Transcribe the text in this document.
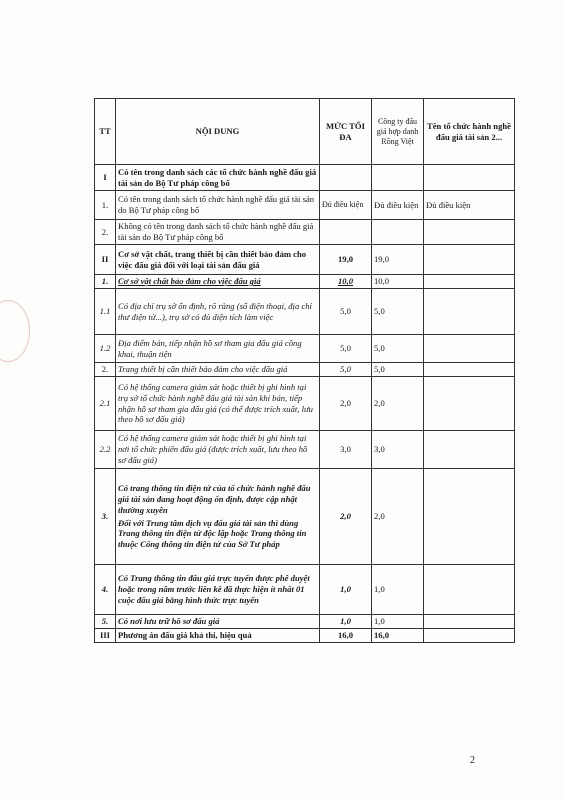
TT	NỘI DUNG	MỨC TỐI ĐA	Công ty đấu giá hợp danh Rồng Việt	Tên tổ chức hành nghề đấu giá tài sản 2...
I	Có tên trong danh sách các tổ chức hành nghề đấu giá tài sản do Bộ Tư pháp công bố			
1.	Có tên trong danh sách tổ chức hành nghề đấu giá tài sản do Bộ Tư pháp công bố	Đủ điều kiện	Đủ điều kiện	Đủ điều kiện
2.	Không có tên trong danh sách tổ chức hành nghề đấu giá tài sản do Bộ Tư pháp công bố			
II	Cơ sở vật chất, trang thiết bị cần thiết bảo đảm cho việc đấu giá đối với loại tài sản đấu giá	19,0	19,0	
1.	Cơ sở vật chất bảo đảm cho việc đấu giá	10,0	10,0	
1.1	Có địa chỉ trụ sở ổn định, rõ ràng (số điện thoại, địa chỉ thư điện tử...), trụ sở có đủ diện tích làm việc	5,0	5,0	
1.2	Địa điểm bán, tiếp nhận hồ sơ tham gia đấu giá công khai, thuận tiện	5,0	5,0	
2.	Trang thiết bị cần thiết bảo đảm cho việc đấu giá	5,0	5,0	
2.1	Có hệ thống camera giám sát hoặc thiết bị ghi hình tại trụ sở tổ chức hành nghề đấu giá tài sản khi bán, tiếp nhận hồ sơ tham gia đấu giá (có thể được trích xuất, lưu theo hồ sơ đấu giá)	2,0	2,0	
2.2	Có hệ thống camera giám sát hoặc thiết bị ghi hình tại nơi tổ chức phiên đấu giá (được trích xuất, lưu theo hồ sơ đấu giá)	3,0	3,0	
3.	Có trang thông tin điện tử của tổ chức hành nghề đấu giá tài sản đang hoạt động ổn định, được cập nhật thường xuyên
Đối với Trung tâm dịch vụ đấu giá tài sản thì dùng Trang thông tin điện tử độc lập hoặc Trang thông tin thuộc Cổng thông tin điện tử của Sở Tư pháp	2,0	2,0	
4.	Có Trang thông tin đấu giá trực tuyến được phê duyệt hoặc trong năm trước liền kề đã thực hiện ít nhất 01 cuộc đấu giá bằng hình thức trực tuyến	1,0	1,0	
5.	Có nơi lưu trữ hồ sơ đấu giá	1,0	1,0	
III	Phương án đấu giá khả thi, hiệu quả	16,0	16,0	
2
